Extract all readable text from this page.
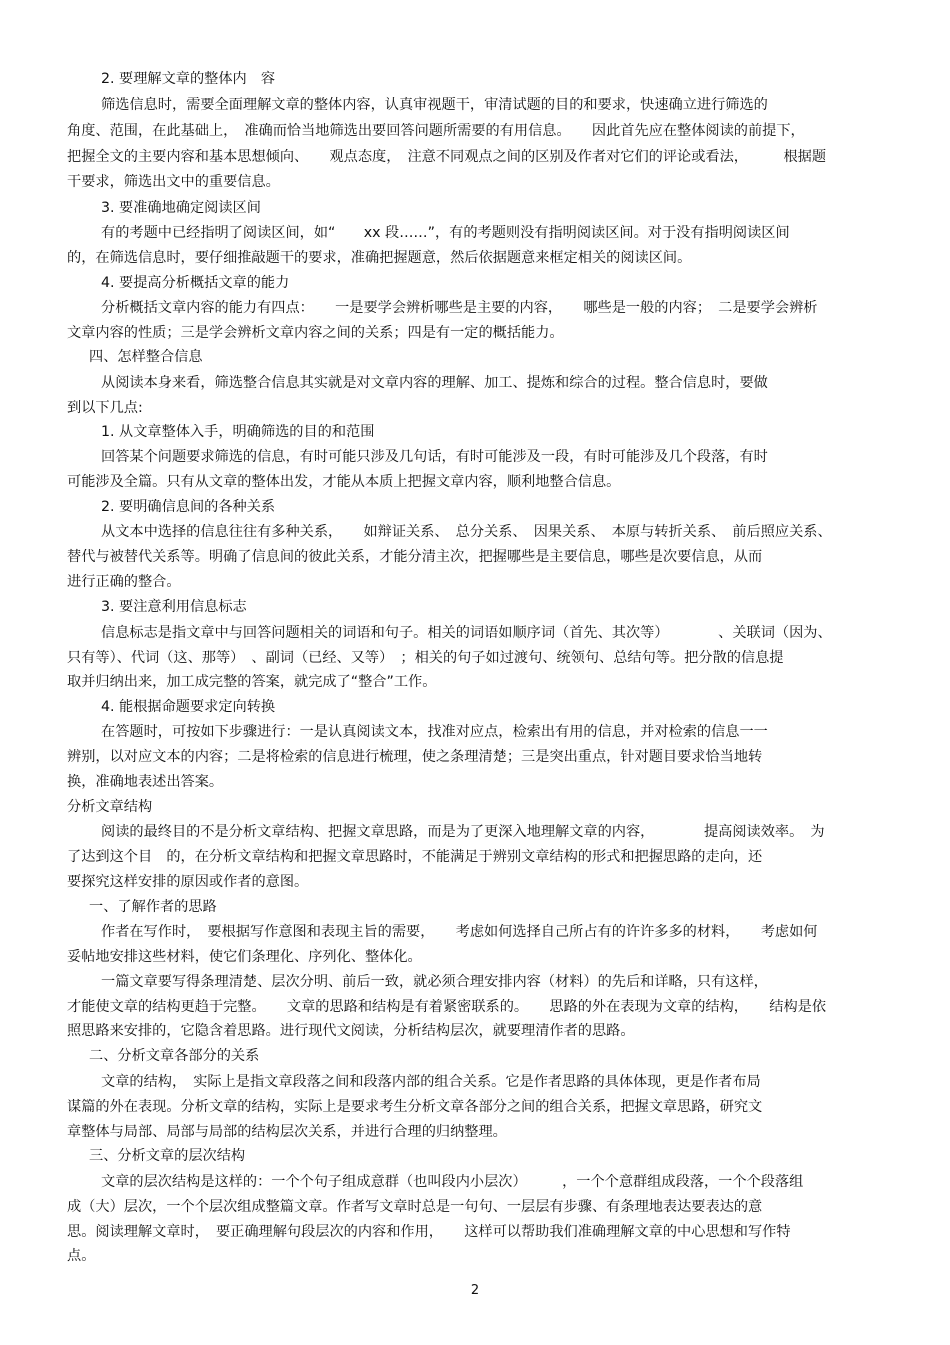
2. 要理解文章的整体内　容

筛选信息时，需要全面理解文章的整体内容，认真审视题干，审清试题的目的和要求，快速确立进行筛选的

角度、范围，在此基础上，　准确而恰当地筛选出要回答问题所需要的有用信息。　　因此首先应在整体阅读的前提下，

把握全文的主要内容和基本思想倾向、　　观点态度，　注意不同观点之间的区别及作者对它们的评论或看法，　　　根据题

干要求，筛选出文中的重要信息。

3. 要准确地确定阅读区间

有的考题中已经指明了阅读区间，如“　　xx 段……”，有的考题则没有指明阅读区间。对于没有指明阅读区间

的，在筛选信息时，要仔细推敲题干的要求，准确把握题意，然后依据题意来框定相关的阅读区间。

4. 要提高分析概括文章的能力

分析概括文章内容的能力有四点：　　一是要学会辨析哪些是主要的内容，　　哪些是一般的内容；　二是要学会辨析

文章内容的性质；三是学会辨析文章内容之间的关系；四是有一定的概括能力。

四、怎样整合信息

从阅读本身来看，筛选整合信息其实就是对文章内容的理解、加工、提炼和综合的过程。整合信息时，要做

到以下几点:

1. 从文章整体入手，明确筛选的目的和范围

回答某个问题要求筛选的信息，有时可能只涉及几句话，有时可能涉及一段，有时可能涉及几个段落，有时

可能涉及全篇。只有从文章的整体出发，才能从本质上把握文章内容，顺利地整合信息。

2. 要明确信息间的各种关系

从文本中选择的信息往往有多种关系，　　如辩证关系、　总分关系、　因果关系、　本原与转折关系、　前后照应关系、

替代与被替代关系等。明确了信息间的彼此关系，才能分清主次，把握哪些是主要信息，哪些是次要信息，从而

进行正确的整合。

3. 要注意利用信息标志

信息标志是指文章中与回答问题相关的词语和句子。相关的词语如顺序词（首先、其次等）　　　　、关联词（因为、

只有等）、代词（这、那等）　、副词（已经、又等）　；相关的句子如过渡句、统领句、总结句等。把分散的信息提

取并归纳出来，加工成完整的答案，就完成了“整合”工作。

4. 能根据命题要求定向转换

在答题时，可按如下步骤进行：一是认真阅读文本，找准对应点，检索出有用的信息，并对检索的信息一一

辨别，以对应文本的内容；二是将检索的信息进行梳理，使之条理清楚；三是突出重点，针对题目要求恰当地转

换，准确地表述出答案。

分析文章结构

阅读的最终目的不是分析文章结构、把握文章思路，而是为了更深入地理解文章的内容，　　　　提高阅读效率。　为

了达到这个目　的，在分析文章结构和把握文章思路时，不能满足于辨别文章结构的形式和把握思路的走向，还

要探究这样安排的原因或作者的意图。

一、了解作者的思路

作者在写作时，　要根据写作意图和表现主旨的需要，　　考虑如何选择自己所占有的许许多多的材料，　　考虑如何

妥帖地安排这些材料，使它们条理化、序列化、整体化。

一篇文章要写得条理清楚、层次分明、前后一致，就必须合理安排内容（材料）的先后和详略，只有这样，

才能使文章的结构更趋于完整。　　文章的思路和结构是有着紧密联系的。　　思路的外在表现为文章的结构，　　结构是依

照思路来安排的，它隐含着思路。进行现代文阅读，分析结构层次，就要理清作者的思路。

二、分析文章各部分的关系

文章的结构，　实际上是指文章段落之间和段落内部的组合关系。它是作者思路的具体体现，更是作者布局

谋篇的外在表现。分析文章的结构，实际上是要求考生分析文章各部分之间的组合关系，把握文章思路，研究文

章整体与局部、局部与局部的结构层次关系，并进行合理的归纳整理。

三、分析文章的层次结构

文章的层次结构是这样的：一个个句子组成意群（也叫段内小层次）　　　，一个个意群组成段落，一个个段落组

成（大）层次，一个个层次组成整篇文章。作者写文章时总是一句句、一层层有步骤、有条理地表达要表达的意

思。阅读理解文章时，　要正确理解句段层次的内容和作用，　　这样可以帮助我们准确理解文章的中心思想和写作特

点。

2
